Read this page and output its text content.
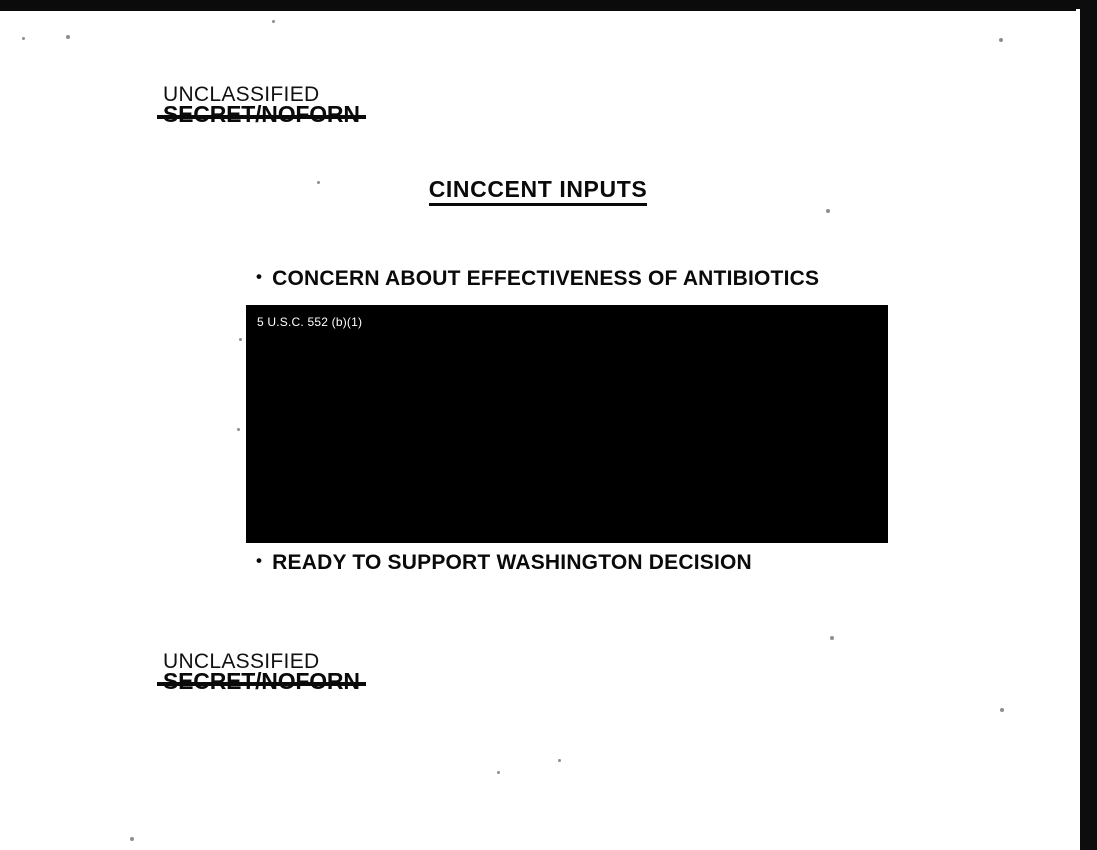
UNCLASSIFIED
CINCCENT INPUTS
• CONCERN ABOUT EFFECTIVENESS OF ANTIBIOTICS
5 U.S.C. 552 (b)(1)
• READY TO SUPPORT WASHINGTON DECISION
UNCLASSIFIED
